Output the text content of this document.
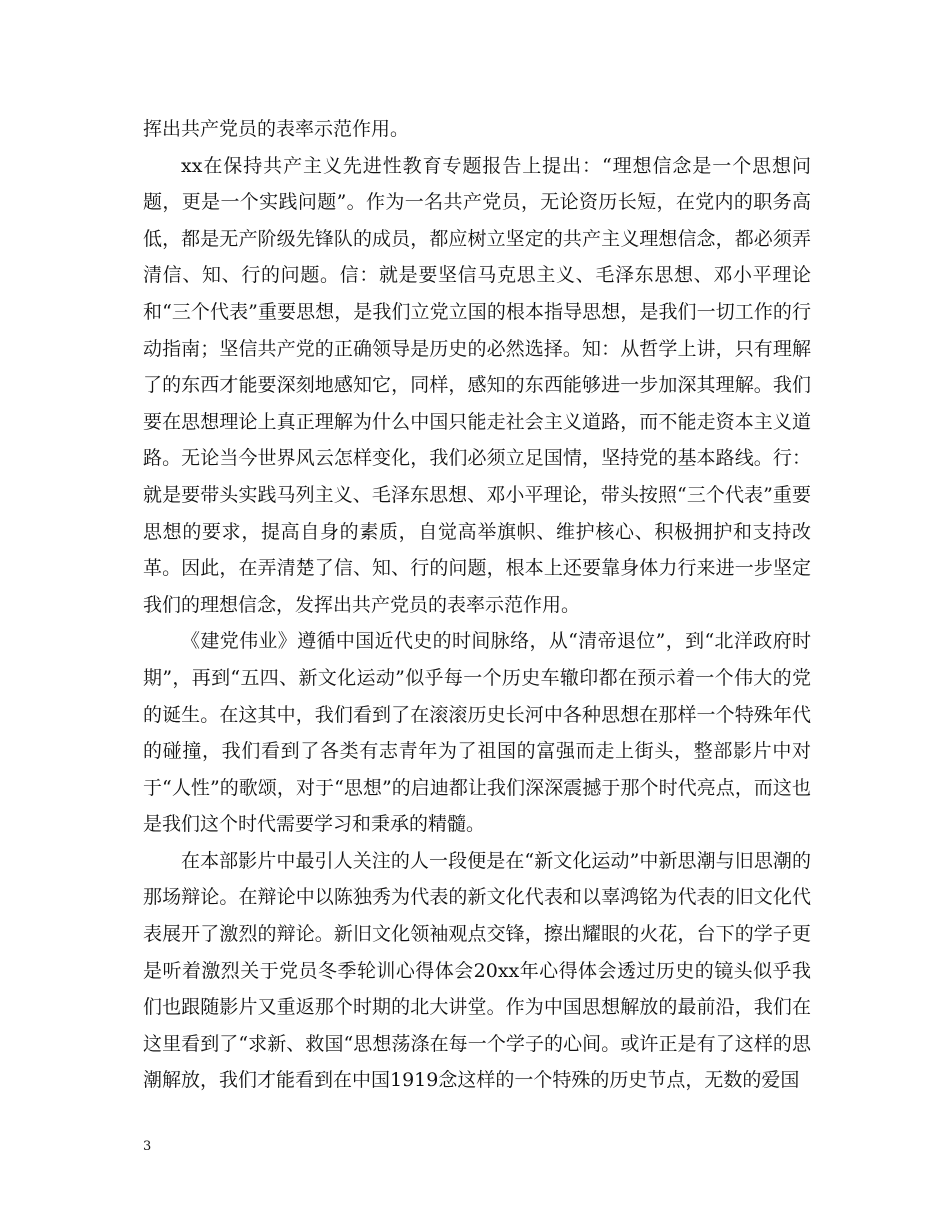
挥出共产党员的表率示范作用。

xx在保持共产主义先进性教育专题报告上提出：“理想信念是一个思想问题，更是一个实践问题”。作为一名共产党员，无论资历长短，在党内的职务高低，都是无产阶级先锋队的成员，都应树立坚定的共产主义理想信念，都必须弄清信、知、行的问题。信：就是要坚信马克思主义、毛泽东思想、邓小平理论和“三个代表”重要思想，是我们立党立国的根本指导思想，是我们一切工作的行动指南；坚信共产党的正确领导是历史的必然选择。知：从哲学上讲，只有理解了的东西才能要深刻地感知它，同样，感知的东西能够进一步加深其理解。我们要在思想理论上真正理解为什么中国只能走社会主义道路，而不能走资本主义道路。无论当今世界风云怎样变化，我们必须立足国情，坚持党的基本路线。行：就是要带头实践马列主义、毛泽东思想、邓小平理论，带头按照“三个代表”重要思想的要求，提高自身的素质，自觉高举旗帜、维护核心、积极拥护和支持改革。因此，在弄清楚了信、知、行的问题，根本上还要靠身体力行来进一步坚定我们的理想信念，发挥出共产党员的表率示范作用。

《建党伟业》遵循中国近代史的时间脉络，从“清帝退位”，到“北洋政府时期”，再到“五四、新文化运动”似乎每一个历史车辙印都在预示着一个伟大的党的诞生。在这其中，我们看到了在滚滚历史长河中各种思想在那样一个特殊年代的碰撞，我们看到了各类有志青年为了祖国的富强而走上街头，整部影片中对于“人性”的歌颂，对于“思想”的启迪都让我们深深震撼于那个时代亮点，而这也是我们这个时代需要学习和秉承的精髓。

在本部影片中最引人关注的人一段便是在“新文化运动”中新思潮与旧思潮的那场辩论。在辩论中以陈独秀为代表的新文化代表和以辜鸿铭为代表的旧文化代表展开了激烈的辩论。新旧文化领袖观点交锋，擦出耀眼的火花，台下的学子更是听着激烈关于党员冬季轮训心得体会20xx年心得体会透过历史的镜头似乎我们也跟随影片又重返那个时期的北大讲堂。作为中国思想解放的最前沿，我们在这里看到了“求新、救国“思想荡涤在每一个学子的心间。或许正是有了这样的思潮解放，我们才能看到在中国1919念这样的一个特殊的历史节点，无数的爱国

3
